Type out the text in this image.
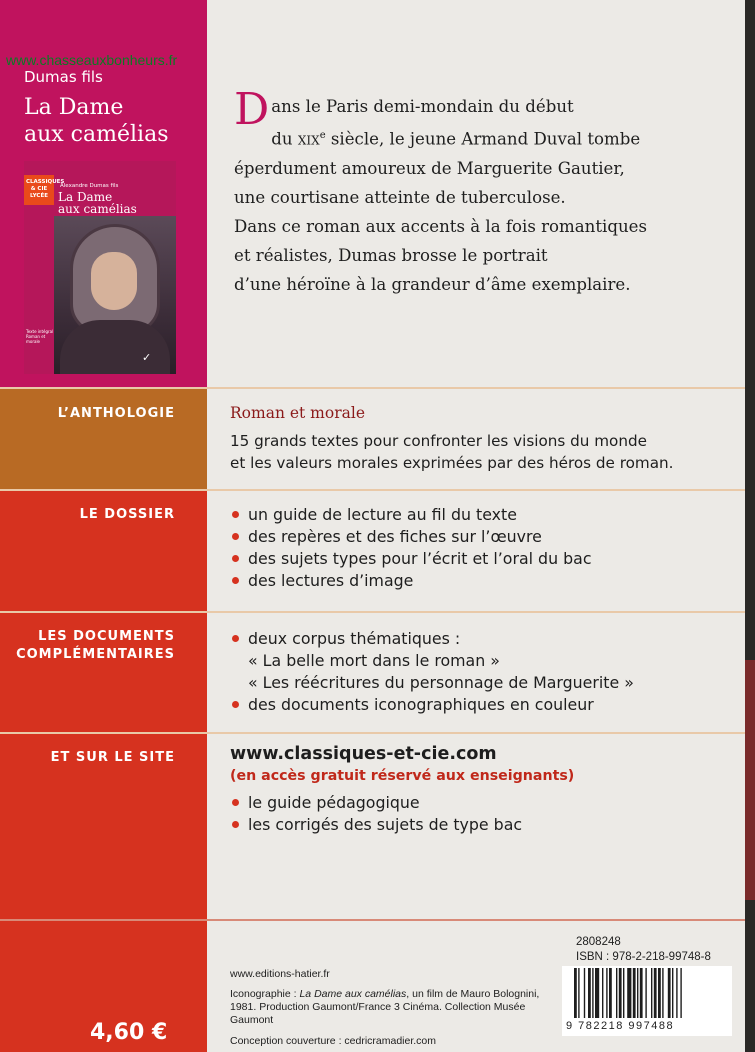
www.chasseauxbonheurs.fr
Dumas fils
La Dame
aux camélias
CLASSIQUES & CIE LYCÉE
Alexandre Dumas fils
La Dame
aux camélias
Texte intégral Roman et morale
✓
D ans le Paris demi-mondain du début
du xix$^e$ siècle, le jeune Armand Duval tombe
éperdument amoureux de Marguerite Gautier,
une courtisane atteinte de tuberculose.
Dans ce roman aux accents à la fois romantiques
et réalistes, Dumas brosse le portrait
d’une héroïne à la grandeur d’âme exemplaire.
L’ANTHOLOGIE	Roman et morale
15 grands textes pour confronter les visions du monde
et les valeurs morales exprimées par des héros de roman.
LE DOSSIER	un guide de lecture au fil du texte
des repères et des fiches sur l’œuvre
des sujets types pour l’écrit et l’oral du bac
des lectures d’image
LES DOCUMENTS
COMPLÉMENTAIRES
deux corpus thématiques :
« La belle mort dans le roman »
« Les réécritures du personnage de Marguerite »
des documents iconographiques en couleur
ET SUR LE SITE	www.classiques-et-cie.com
(en accès gratuit réservé aux enseignants)
le guide pédagogique
les corrigés des sujets de type bac
2808248
ISBN : 978-2-218-99748-8
9 782218 997488
www.editions-hatier.fr
Iconographie : La Dame aux camélias, un film de Mauro Bolognini, 1981. Production Gaumont/France 3 Cinéma. Collection Musée Gaumont
Conception couverture : cedricramadier.com
4,60 €
